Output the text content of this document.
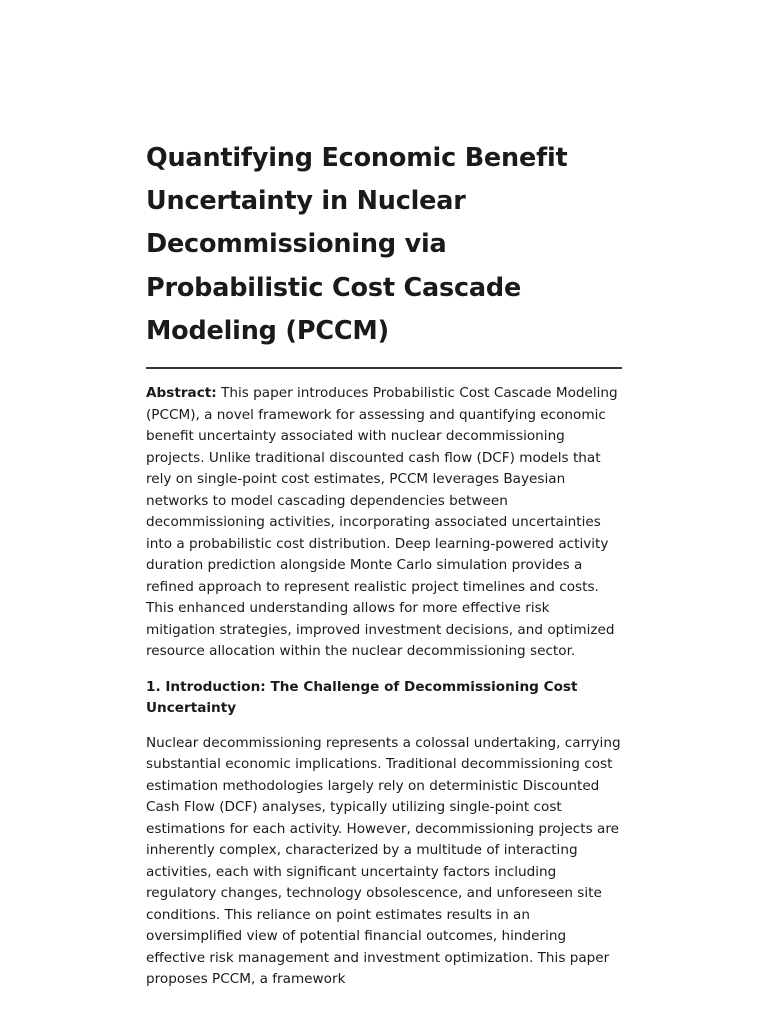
Quantifying Economic Benefit Uncertainty in Nuclear Decommissioning via Probabilistic Cost Cascade Modeling (PCCM)

Abstract: This paper introduces Probabilistic Cost Cascade Modeling (PCCM), a novel framework for assessing and quantifying economic benefit uncertainty associated with nuclear decommissioning projects. Unlike traditional discounted cash flow (DCF) models that rely on single-point cost estimates, PCCM leverages Bayesian networks to model cascading dependencies between decommissioning activities, incorporating associated uncertainties into a probabilistic cost distribution. Deep learning-powered activity duration prediction alongside Monte Carlo simulation provides a refined approach to represent realistic project timelines and costs. This enhanced understanding allows for more effective risk mitigation strategies, improved investment decisions, and optimized resource allocation within the nuclear decommissioning sector.

1. Introduction: The Challenge of Decommissioning Cost Uncertainty

Nuclear decommissioning represents a colossal undertaking, carrying substantial economic implications. Traditional decommissioning cost estimation methodologies largely rely on deterministic Discounted Cash Flow (DCF) analyses, typically utilizing single-point cost estimations for each activity. However, decommissioning projects are inherently complex, characterized by a multitude of interacting activities, each with significant uncertainty factors including regulatory changes, technology obsolescence, and unforeseen site conditions. This reliance on point estimates results in an oversimplified view of potential financial outcomes, hindering effective risk management and investment optimization. This paper proposes PCCM, a framework
